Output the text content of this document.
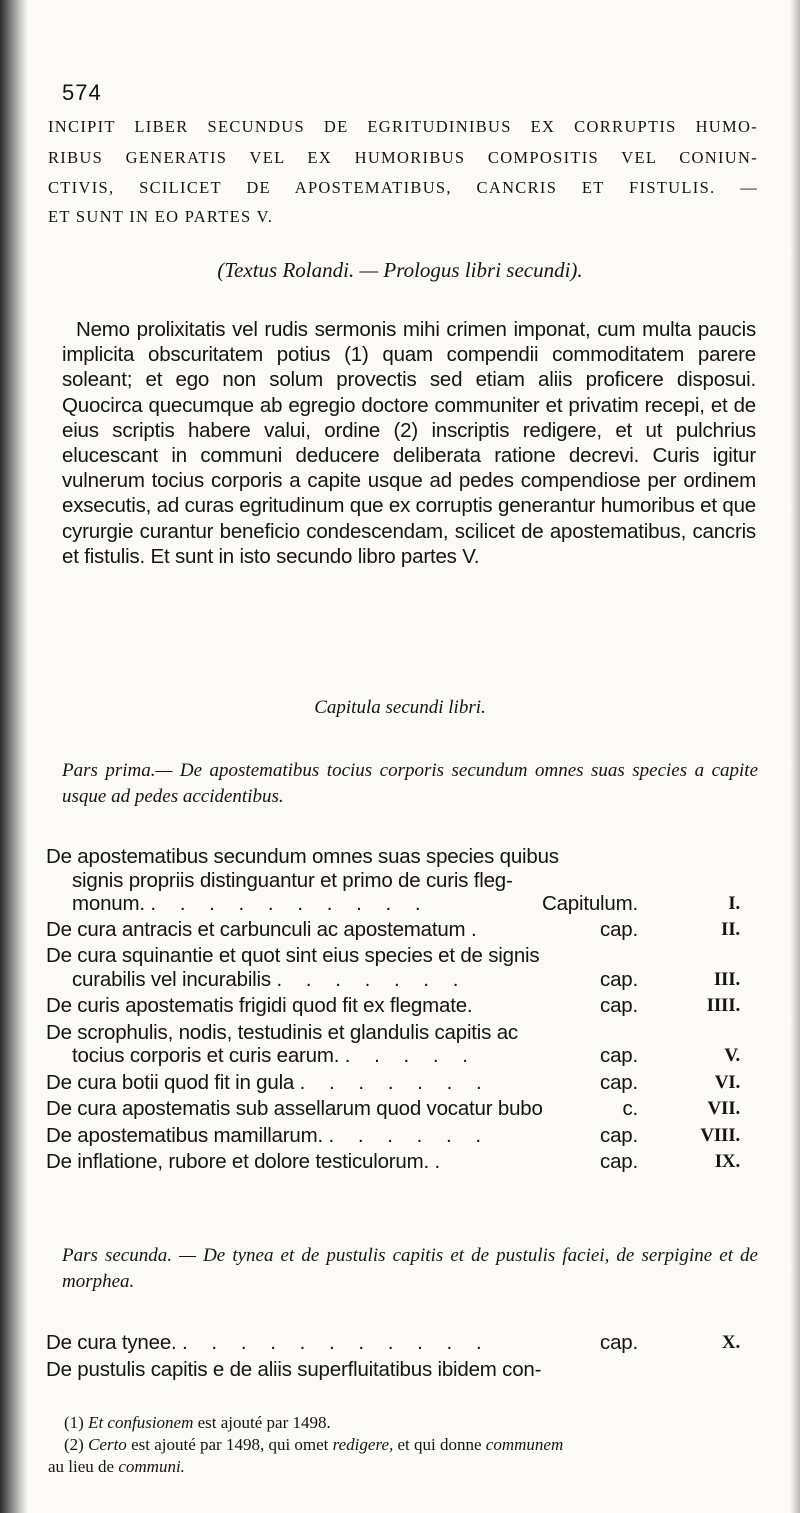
574
INCIPIT LIBER SECUNDUS DE EGRITUDINIBUS EX CORRUPTIS HUMO-
RIBUS GENERATIS VEL EX HUMORIBUS COMPOSITIS VEL CONIUN-
CTIVIS, SCILICET DE APOSTEMATIBUS, CANCRIS ET FISTULIS. —
ET SUNT IN EO PARTES V.
(Textus Rolandi. — Prologus libri secundi).

Nemo prolixitatis vel rudis sermonis mihi crimen imponat, cum multa paucis implicita obscuritatem potius (1) quam compendii commoditatem parere soleant; et ego non solum provectis sed etiam aliis proficere disposui. Quocirca quecumque ab egregio doctore communiter et privatim recepi, et de eius scriptis habere valui, ordine (2) inscriptis redigere, et ut pulchrius elucescant in communi deducere deliberata ratione decrevi. Curis igitur vulnerum tocius corporis a capite usque ad pedes compendiose per ordinem exsecutis, ad curas egritudinum que ex corruptis generantur humoribus et que cyrurgie curantur beneficio condescendam, scilicet de apostematibus, cancris et fistulis. Et sunt in isto secundo libro partes V.

Capitula secundi libri.
Pars prima.— De apostematibus tocius corporis secundum omnes suas species a capite usque ad pedes accidentibus.
De apostematibus secundum omnes suas species quibus
signis propriis distinguantur et primo de curis fleg-
monum. . . . . . . . . . .	Capitulum.	I.
De cura antracis et carbunculi ac apostematum .	cap.	II.
De cura squinantie et quot sint eius species et de signis
curabilis vel incurabilis . . . . . . .	cap.	III.
De curis apostematis frigidi quod fit ex flegmate.	cap.	IIII.
De scrophulis, nodis, testudinis et glandulis capitis ac
tocius corporis et curis earum. . . . . .	cap.	V.
De cura botii quod fit in gula . . . . . . .	cap.	VI.
De cura apostematis sub assellarum quod vocatur bubo	c.	VII.
De apostematibus mamillarum. . . . . . .	cap.	VIII.
De inflatione, rubore et dolore testiculorum. .	cap.	IX.
Pars secunda. — De tynea et de pustulis capitis et de pustulis faciei, de serpigine et de morphea.
De cura tynee. . . . . . . . . . . .	cap.	X.
De pustulis capitis e de aliis superfluitatibus ibidem con-
(1) Et confusionem est ajouté par 1498.
(2) Certo est ajouté par 1498, qui omet redigere, et qui donne communem
au lieu de communi.
